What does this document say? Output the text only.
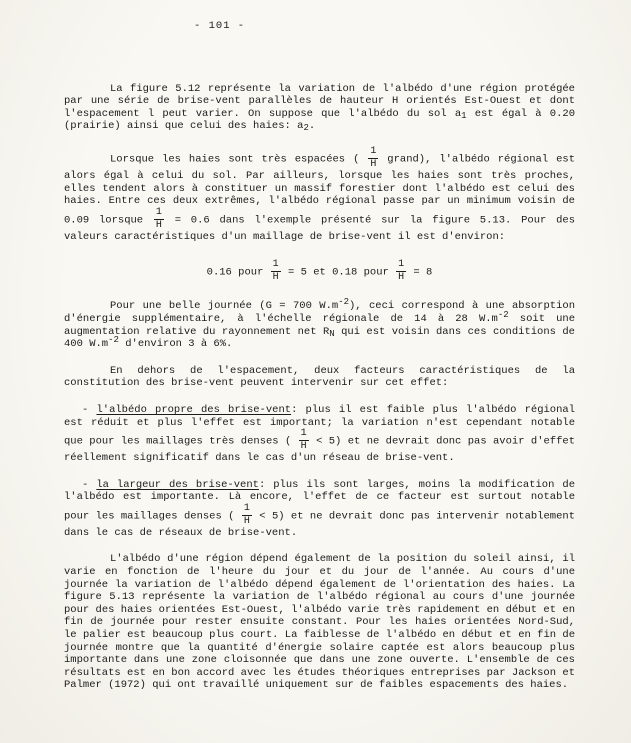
- 101 -

La figure 5.12 représente la variation de l'albédo d'une région protégée par une série de brise-vent parallèles de hauteur H orientés Est-Ouest et dont l'espacement l peut varier. On suppose que l'albédo du sol $a_1$ est égal à 0.20 (prairie) ainsi que celui des haies: $a_2$.

Lorsque les haies sont très espacées ( $\frac{1}{H}$ grand), l'albédo régional est alors égal à celui du sol. Par ailleurs, lorsque les haies sont très proches, elles tendent alors à constituer un massif forestier dont l'albédo est celui des haies. Entre ces deux extrêmes, l'albédo régional passe par un minimum voisin de 0.09 lorsque $\frac{1}{H} = 0.6$ dans l'exemple présenté sur la figure 5.13. Pour des valeurs caractéristiques d'un maillage de brise-vent il est d'environ:

0.16 pour $\frac{1}{H} = 5$ et 0.18 pour $\frac{1}{H} = 8$

Pour une belle journée (G = 700 $W.m^{-2}$), ceci correspond à une absorption d'énergie supplémentaire, à l'échelle régionale de 14 à 28 $W.m^{-2}$ soit une augmentation relative du rayonnement net $R_N$ qui est voisin dans ces conditions de 400 $W.m^{-2}$ d'environ 3 à 6%.

En dehors de l'espacement, deux facteurs caractéristiques de la constitution des brise-vent peuvent intervenir sur cet effet:

- l'albédo propre des brise-vent: plus il est faible plus l'albédo régional est réduit et plus l'effet est important; la variation n'est cependant notable que pour les maillages très denses ( $\frac{1}{H} < 5$) et ne devrait donc pas avoir d'effet réellement significatif dans le cas d'un réseau de brise-vent.

- la largeur des brise-vent: plus ils sont larges, moins la modification de l'albédo est importante. Là encore, l'effet de ce facteur est surtout notable pour les maillages denses ( $\frac{1}{H} < 5$) et ne devrait donc pas intervenir notablement dans le cas de réseaux de brise-vent.

L'albédo d'une région dépend également de la position du soleil ainsi, il varie en fonction de l'heure du jour et du jour de l'année. Au cours d'une journée la variation de l'albédo dépend également de l'orientation des haies. La figure 5.13 représente la variation de l'albédo régional au cours d'une journée pour des haies orientées Est-Ouest, l'albédo varie très rapidement en début et en fin de journée pour rester ensuite constant. Pour les haies orientées Nord-Sud, le palier est beaucoup plus court. La faiblesse de l'albédo en début et en fin de journée montre que la quantité d'énergie solaire captée est alors beaucoup plus importante dans une zone cloisonnée que dans une zone ouverte. L'ensemble de ces résultats est en bon accord avec les études théoriques entreprises par Jackson et Palmer (1972) qui ont travaillé uniquement sur de faibles espacements des haies.
